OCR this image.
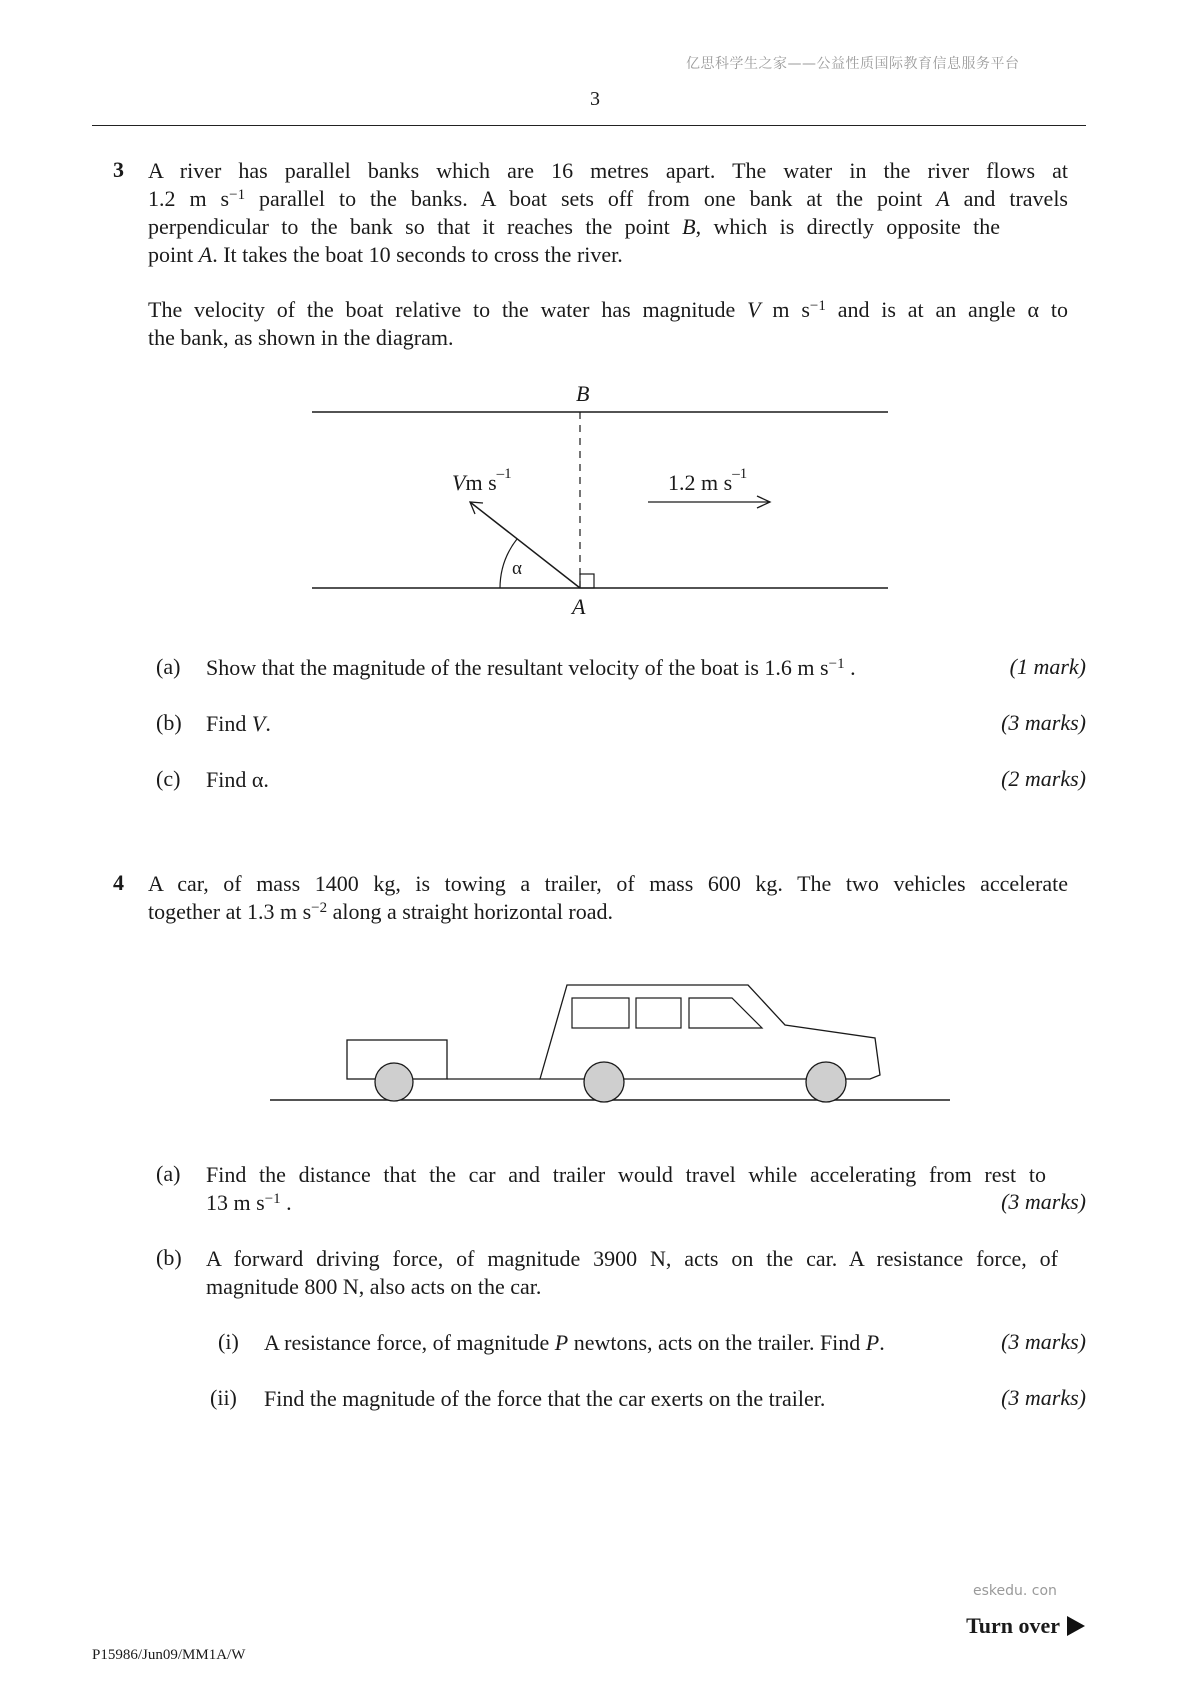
亿思科学生之家——公益性质国际教育信息服务平台
3
3 A river has parallel banks which are 16 metres apart. The water in the river flows at
1.2 m $s^{-1}$ parallel to the banks. A boat sets off from one bank at the point A and travels
perpendicular to the bank so that it reaches the point B, which is directly opposite the
point A. It takes the boat 10 seconds to cross the river.
The velocity of the boat relative to the water has magnitude V m $s^{-1}$ and is at an angle α to
the bank, as shown in the diagram.
B
A
α
Vm $s^{-1}$	1.2 m $s^{-1}$
(a) Show that the magnitude of the resultant velocity of the boat is 1.6 m $s^{-1}$ .	(1 mark)
(b) Find V.	(3 marks)
(c) Find α.	(2 marks)
4 A car, of mass 1400 kg, is towing a trailer, of mass 600 kg. The two vehicles accelerate
together at 1.3 m $s^{-2}$ along a straight horizontal road.
(a) Find the distance that the car and trailer would travel while accelerating from rest to
13 m $s^{-1}$ .	(3 marks)
(b) A forward driving force, of magnitude 3900 N, acts on the car. A resistance force, of
magnitude 800 N, also acts on the car.
(i) A resistance force, of magnitude P newtons, acts on the trailer. Find P.	(3 marks)
(ii) Find the magnitude of the force that the car exerts on the trailer.	(3 marks)
eskedu. con
Turn over
P15986/Jun09/MM1A/W
